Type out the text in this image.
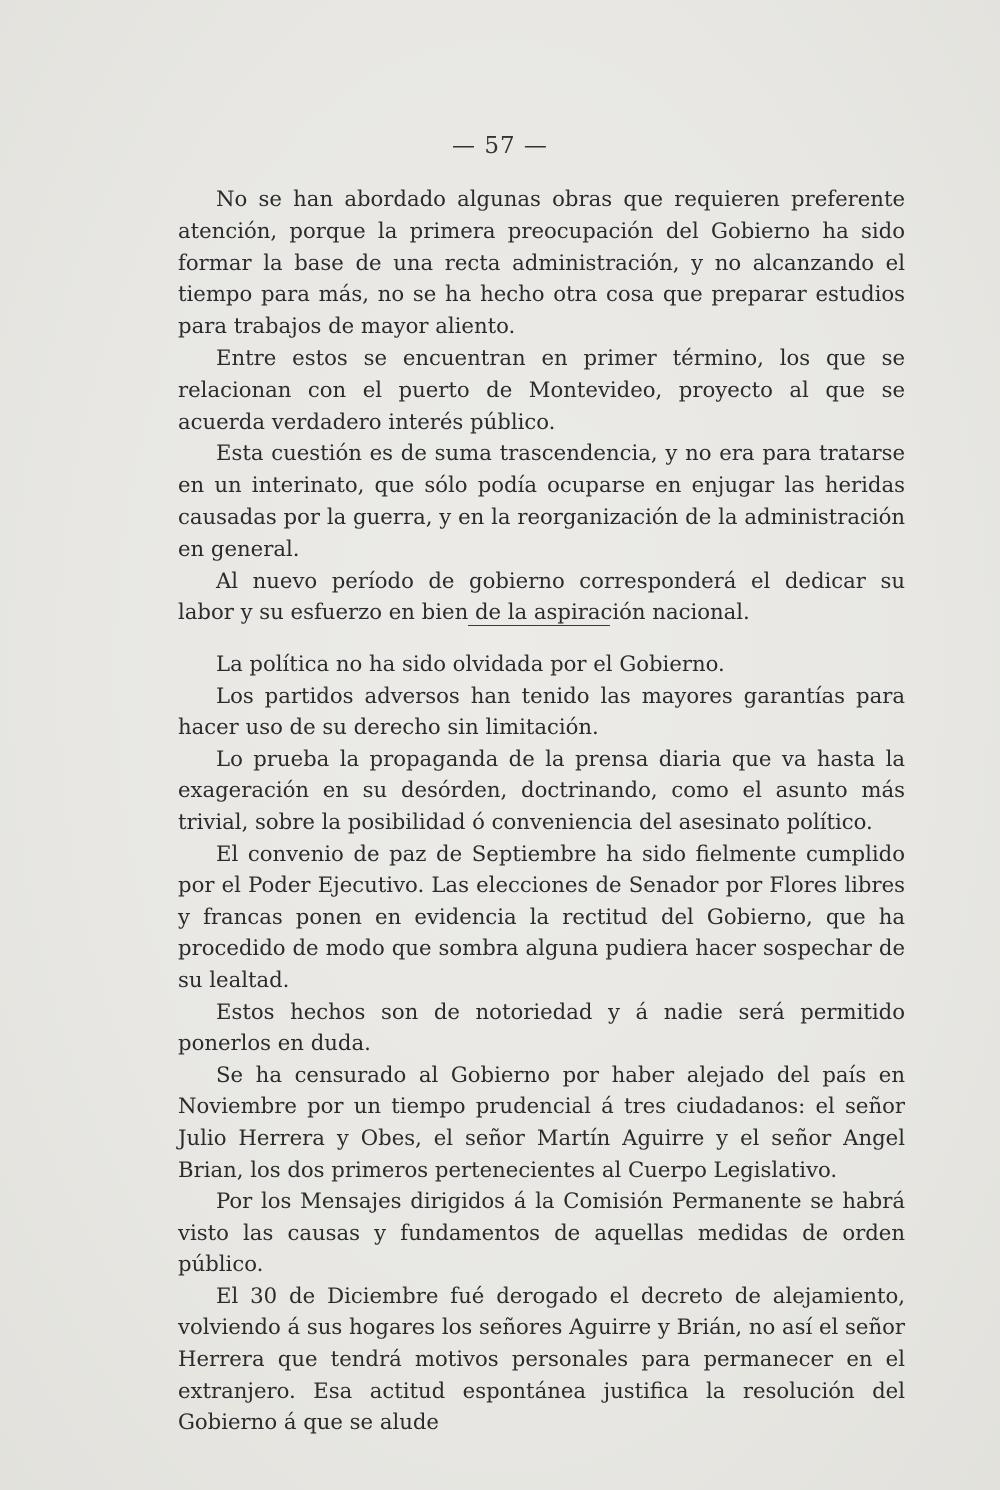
— 57 —

No se han abordado algunas obras que requieren preferente atención, porque la primera preocupación del Gobierno ha sido formar la base de una recta administración, y no alcanzando el tiempo para más, no se ha hecho otra cosa que preparar estudios para trabajos de mayor aliento.

Entre estos se encuentran en primer término, los que se relacionan con el puerto de Montevideo, proyecto al que se acuerda verdadero interés público.

Esta cuestión es de suma trascendencia, y no era para tratarse en un interinato, que sólo podía ocuparse en enjugar las heridas causadas por la guerra, y en la reorganización de la administración en general.

Al nuevo período de gobierno corresponderá el dedicar su labor y su esfuerzo en bien de la aspiración nacional.

La política no ha sido olvidada por el Gobierno.

Los partidos adversos han tenido las mayores garantías para hacer uso de su derecho sin limitación.

Lo prueba la propaganda de la prensa diaria que va hasta la exageración en su desórden, doctrinando, como el asunto más trivial, sobre la posibilidad ó conveniencia del asesinato político.

El convenio de paz de Septiembre ha sido fielmente cumplido por el Poder Ejecutivo. Las elecciones de Senador por Flores libres y francas ponen en evidencia la rectitud del Gobierno, que ha procedido de modo que sombra alguna pudiera hacer sospechar de su lealtad.

Estos hechos son de notoriedad y á nadie será permitido ponerlos en duda.

Se ha censurado al Gobierno por haber alejado del país en Noviembre por un tiempo prudencial á tres ciudadanos: el señor Julio Herrera y Obes, el señor Martín Aguirre y el señor Angel Brian, los dos primeros pertenecientes al Cuerpo Legislativo.

Por los Mensajes dirigidos á la Comisión Permanente se habrá visto las causas y fundamentos de aquellas medidas de orden público.

El 30 de Diciembre fué derogado el decreto de alejamiento, volviendo á sus hogares los señores Aguirre y Brián, no así el señor Herrera que tendrá motivos personales para permanecer en el extranjero. Esa actitud espontánea justifica la resolución del Gobierno á que se alude
